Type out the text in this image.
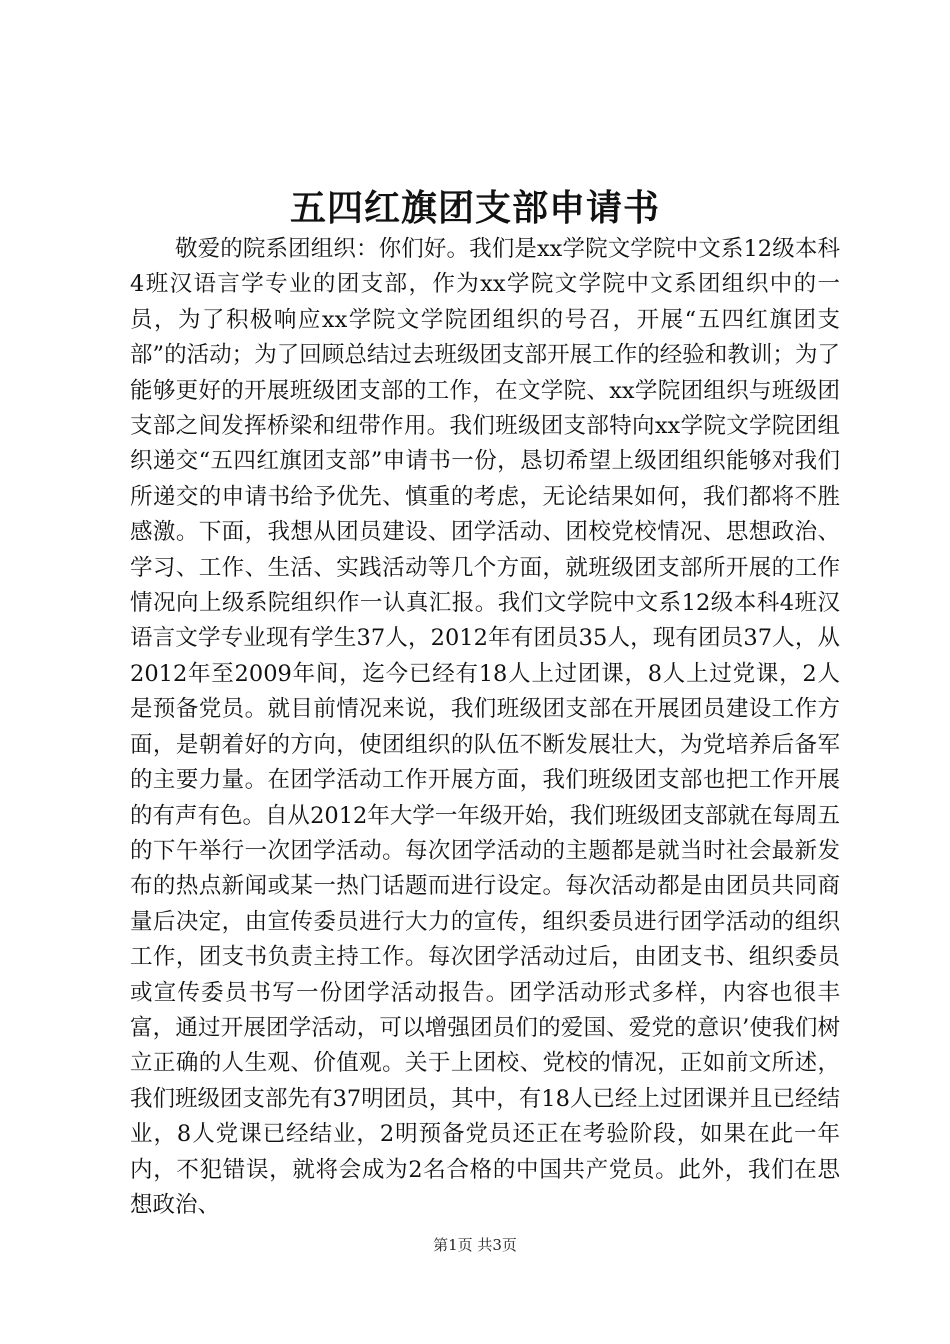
五四红旗团支部申请书

敬爱的院系团组织：你们好。我们是xx学院文学院中文系12级本科4班汉语言学专业的团支部，作为xx学院文学院中文系团组织中的一员，为了积极响应xx学院文学院团组织的号召，开展“五四红旗团支部”的活动；为了回顾总结过去班级团支部开展工作的经验和教训；为了能够更好的开展班级团支部的工作，在文学院、xx学院团组织与班级团支部之间发挥桥梁和纽带作用。我们班级团支部特向xx学院文学院团组织递交“五四红旗团支部”申请书一份，恳切希望上级团组织能够对我们所递交的申请书给予优先、慎重的考虑，无论结果如何，我们都将不胜感激。下面，我想从团员建设、团学活动、团校党校情况、思想政治、学习、工作、生活、实践活动等几个方面，就班级团支部所开展的工作情况向上级系院组织作一认真汇报。我们文学院中文系12级本科4班汉语言文学专业现有学生37人，2012年有团员35人，现有团员37人，从2012年至2009年间，迄今已经有18人上过团课，8人上过党课，2人是预备党员。就目前情况来说，我们班级团支部在开展团员建设工作方面，是朝着好的方向，使团组织的队伍不断发展壮大，为党培养后备军的主要力量。在团学活动工作开展方面，我们班级团支部也把工作开展的有声有色。自从2012年大学一年级开始，我们班级团支部就在每周五的下午举行一次团学活动。每次团学活动的主题都是就当时社会最新发布的热点新闻或某一热门话题而进行设定。每次活动都是由团员共同商量后决定，由宣传委员进行大力的宣传，组织委员进行团学活动的组织工作，团支书负责主持工作。每次团学活动过后，由团支书、组织委员或宣传委员书写一份团学活动报告。团学活动形式多样，内容也很丰富，通过开展团学活动，可以增强团员们的爱国、爱党的意识’使我们树立正确的人生观、价值观。关于上团校、党校的情况，正如前文所述，我们班级团支部先有37明团员，其中，有18人已经上过团课并且已经结业，8人党课已经结业，2明预备党员还正在考验阶段，如果在此一年内，不犯错误，就将会成为2名合格的中国共产党员。此外，我们在思想政治、

第1页 共3页
